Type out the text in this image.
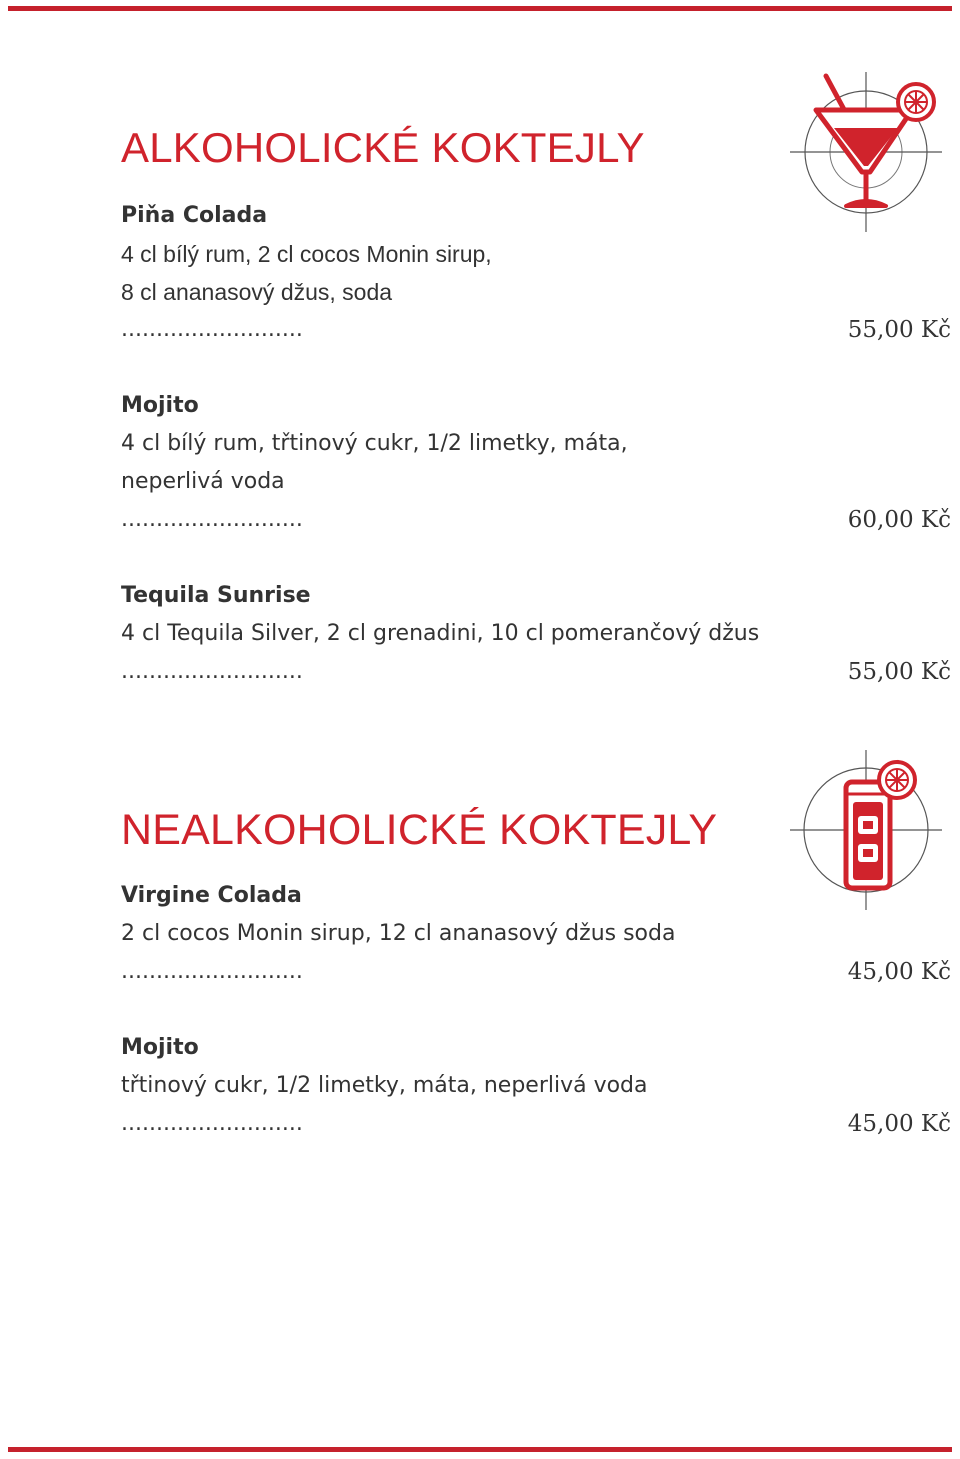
ALKOHOLICKÉ KOKTEJLY
Piňa Colada
4 cl bílý rum, 2 cl cocos Monin sirup,
8 cl ananasový džus, soda
..........................	55,00 Kč
Mojito
4 cl bílý rum, třtinový cukr, 1/2 limetky, máta,
neperlivá voda
..........................	60,00 Kč
Tequila Sunrise
4 cl Tequila Silver, 2 cl grenadini, 10 cl pomerančový džus
..........................	55,00 Kč
NEALKOHOLICKÉ KOKTEJLY
Virgine Colada
2 cl cocos Monin sirup, 12 cl ananasový džus soda
..........................	45,00 Kč
Mojito
třtinový cukr, 1/2 limetky, máta, neperlivá voda
..........................	45,00 Kč
